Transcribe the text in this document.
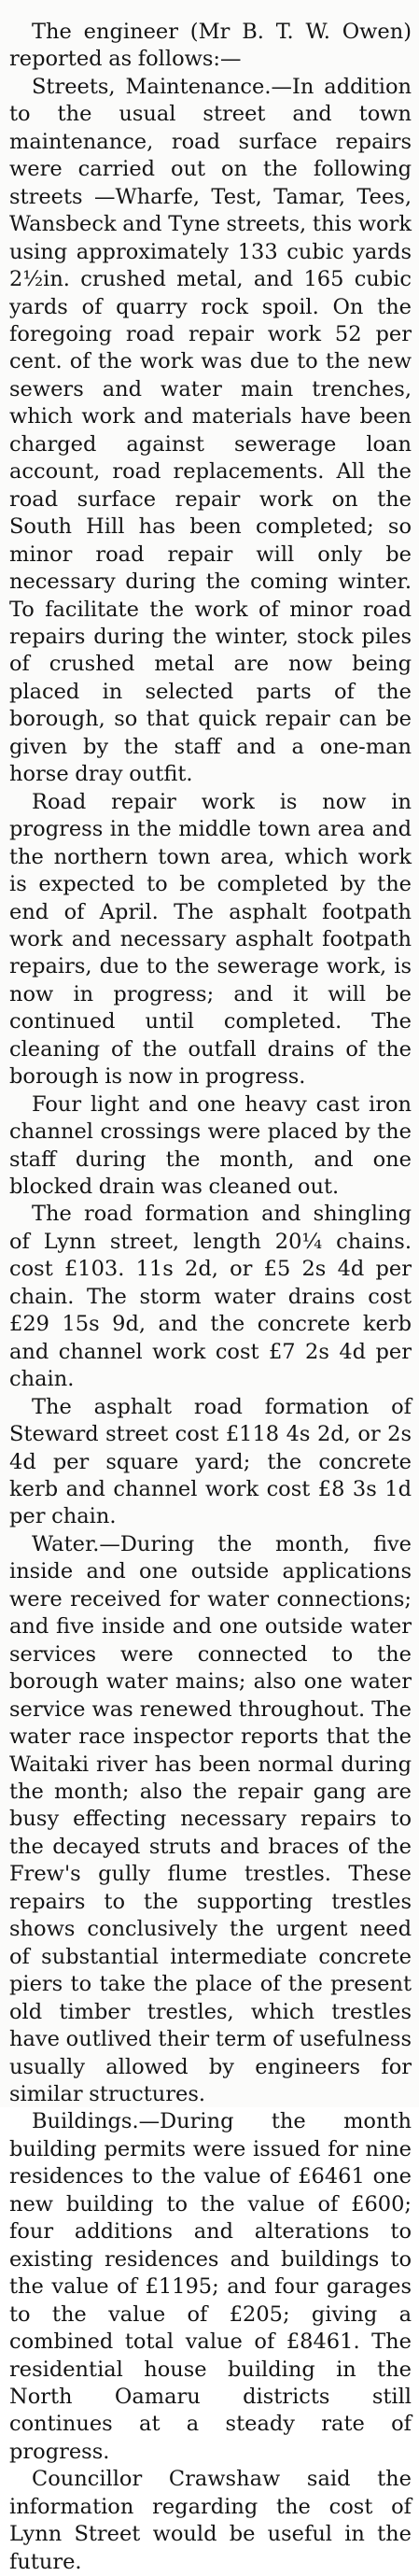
The engineer (Mr B. T. W. Owen) reported as follows:—

Streets, Maintenance.—In addition to the usual street and town maintenance, road surface repairs were carried out on the following streets —Wharfe, Test, Tamar, Tees, Wansbeck and Tyne streets, this work using approximately 133 cubic yards 2½in. crushed metal, and 165 cubic yards of quarry rock spoil. On the foregoing road repair work 52 per cent. of the work was due to the new sewers and water main trenches, which work and materials have been charged against sewerage loan account, road replacements. All the road surface repair work on the South Hill has been completed; so minor road repair will only be necessary during the coming winter. To facilitate the work of minor road repairs during the winter, stock piles of crushed metal are now being placed in selected parts of the borough, so that quick repair can be given by the staff and a one-man horse dray outfit.

Road repair work is now in progress in the middle town area and the northern town area, which work is expected to be completed by the end of April. The asphalt footpath work and necessary asphalt footpath repairs, due to the sewerage work, is now in progress; and it will be continued until completed. The cleaning of the outfall drains of the borough is now in progress.

Four light and one heavy cast iron channel crossings were placed by the staff during the month, and one blocked drain was cleaned out.

The road formation and shingling of Lynn street, length 20¼ chains. cost £103. 11s 2d, or £5 2s 4d per chain. The storm water drains cost £29 15s 9d, and the concrete kerb and channel work cost £7 2s 4d per chain.

The asphalt road formation of Steward street cost £118 4s 2d, or 2s 4d per square yard; the concrete kerb and channel work cost £8 3s 1d per chain.

Water.—During the month, five inside and one outside applications were received for water connections; and five inside and one outside water services were connected to the borough water mains; also one water service was renewed throughout. The water race inspector reports that the Waitaki river has been normal during the month; also the repair gang are busy effecting necessary repairs to the decayed struts and braces of the Frew's gully flume trestles. These repairs to the supporting trestles shows conclusively the urgent need of substantial intermediate concrete piers to take the place of the present old timber trestles, which trestles have outlived their term of usefulness usually allowed by engineers for similar structures.

Buildings.—During the month building permits were issued for nine residences to the value of £6461 one new building to the value of £600; four additions and alterations to existing residences and buildings to the value of £1195; and four garages to the value of £205; giving a combined total value of £8461. The residential house building in the North Oamaru districts still continues at a steady rate of progress.

Councillor Crawshaw said the information regarding the cost of Lynn Street would be useful in the future.
